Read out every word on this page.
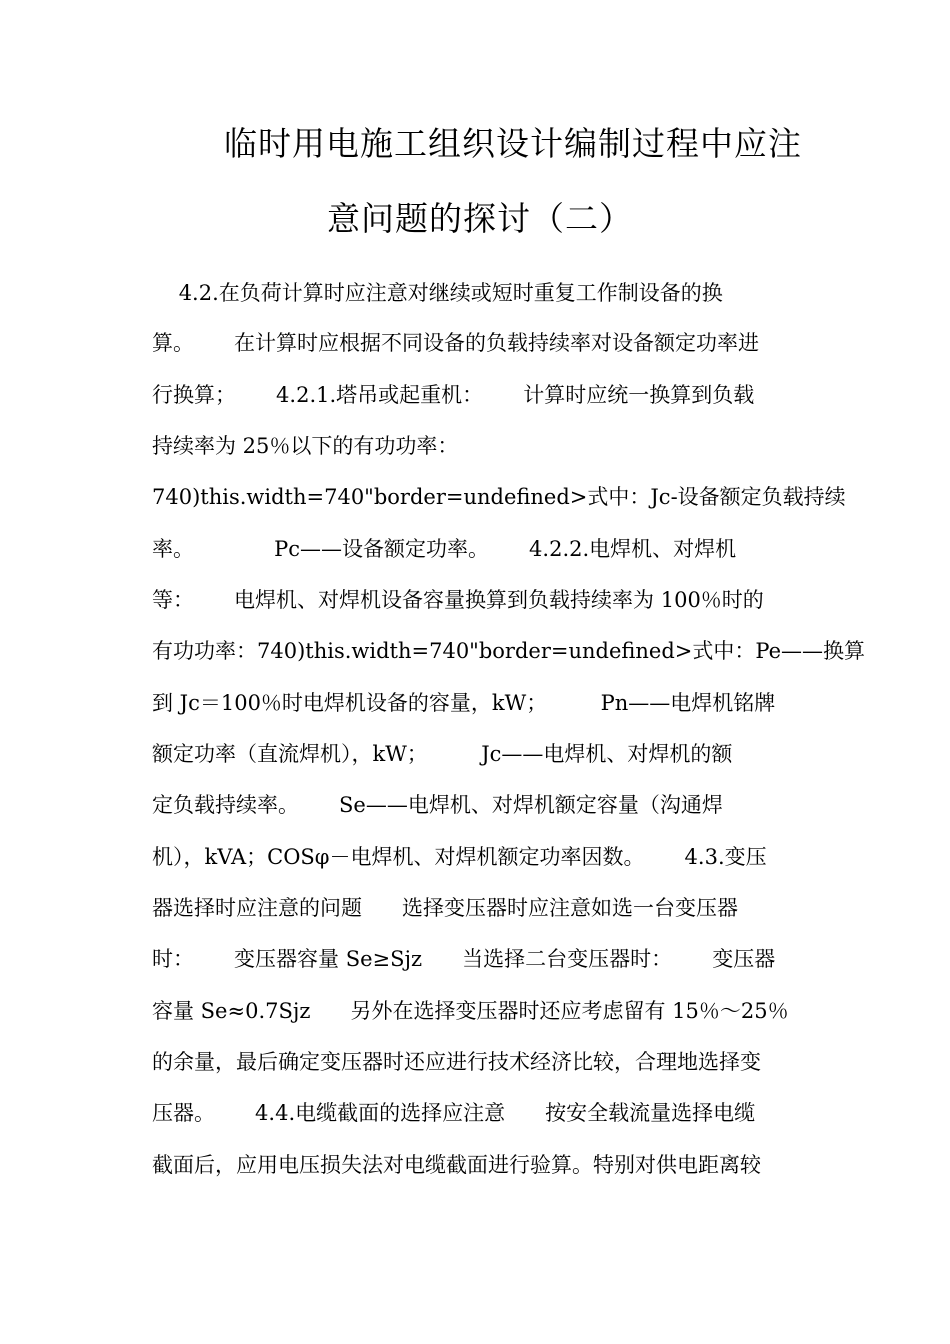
临时用电施工组织设计编制过程中应注
意问题的探讨（二）
4.2.在负荷计算时应注意对继续或短时重复工作制设备的换
算。      在计算时应根据不同设备的负载持续率对设备额定功率进
行换算；      4.2.1.塔吊或起重机：      计算时应统一换算到负载
持续率为 25％以下的有功功率：
740)this.width=740"border=undefined>式中：Jc-设备额定负载持续
率。            Pc——设备额定功率。      4.2.2.电焊机、对焊机
等：      电焊机、对焊机设备容量换算到负载持续率为 100％时的
有功功率：740)this.width=740"border=undefined>式中：Pe——换算
到 Jc＝100％时电焊机设备的容量，kW；        Pn——电焊机铭牌
额定功率（直流焊机），kW；        Jc——电焊机、对焊机的额
定负载持续率。      Se——电焊机、对焊机额定容量（沟通焊
机），kVA；COSφ－电焊机、对焊机额定功率因数。      4.3.变压
器选择时应注意的问题      选择变压器时应注意如选一台变压器
时：      变压器容量 Se≥Sjz      当选择二台变压器时：      变压器
容量 Se≈0.7Sjz      另外在选择变压器时还应考虑留有 15％～25％
的余量，最后确定变压器时还应进行技术经济比较，合理地选择变
压器。      4.4.电缆截面的选择应注意      按安全载流量选择电缆
截面后，应用电压损失法对电缆截面进行验算。特别对供电距离较
